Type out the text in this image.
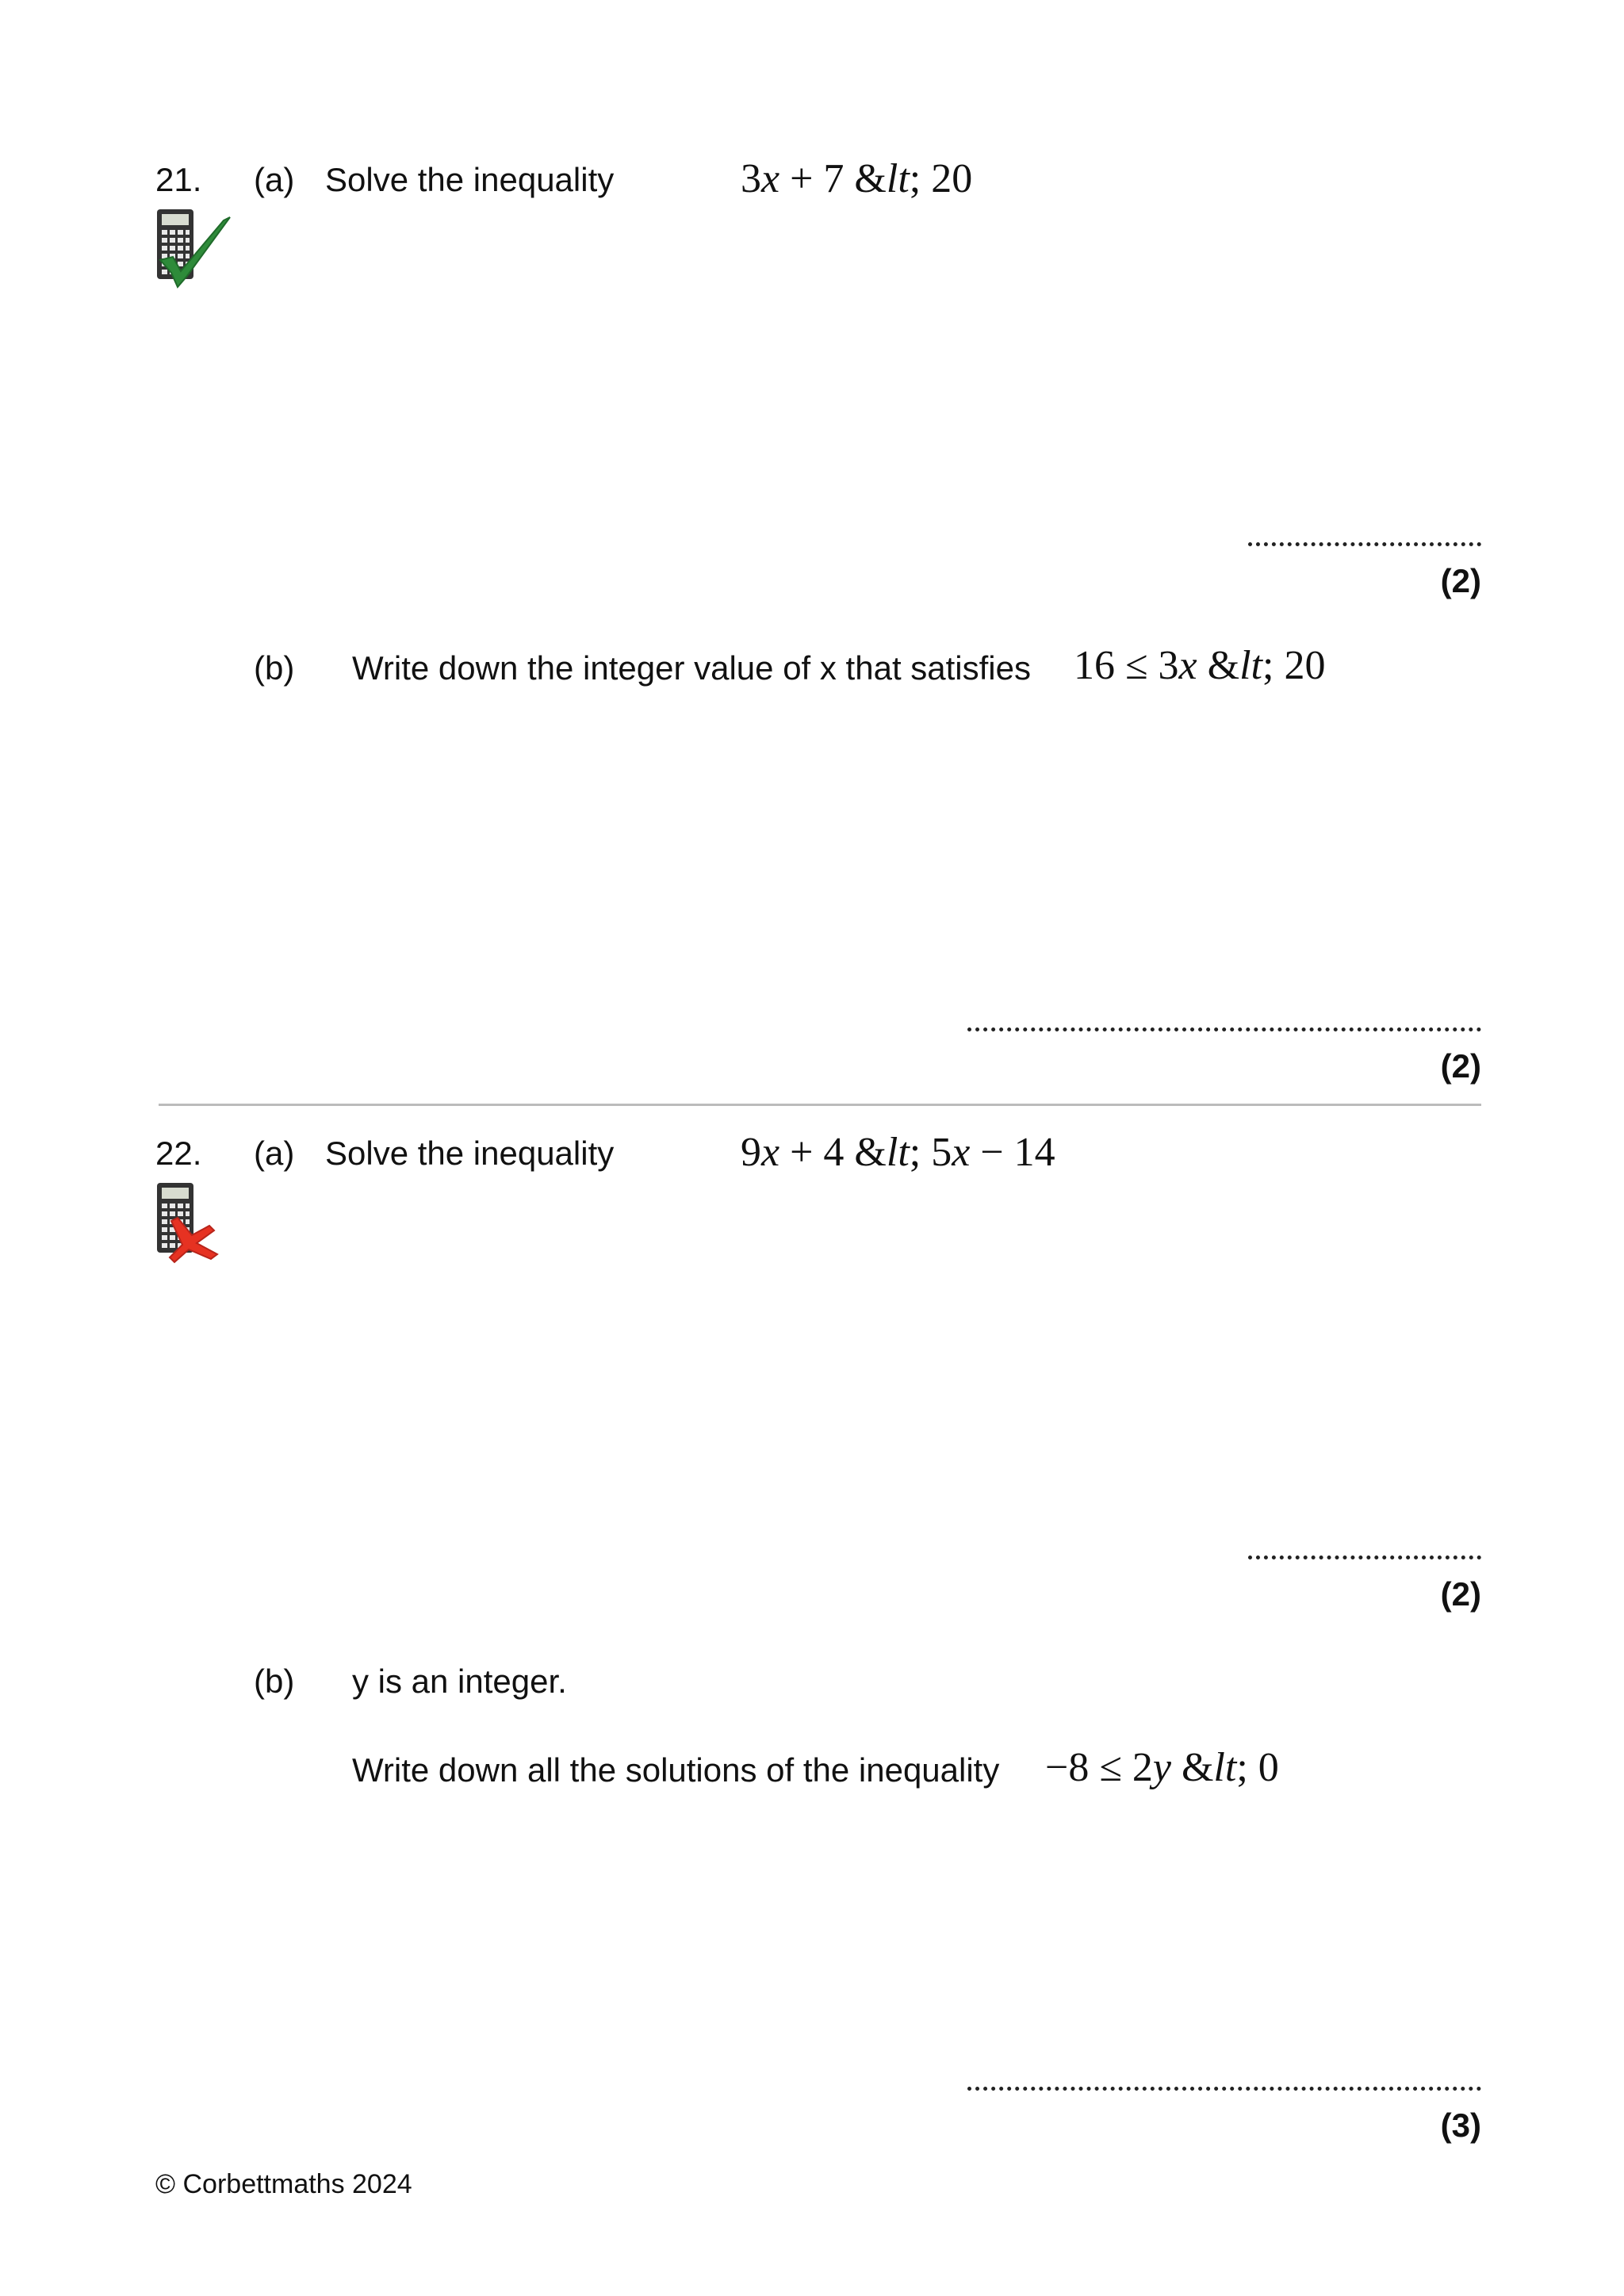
21. (a) Solve the inequality	3x + 7 &lt; 20
(2)
(b) Write down the integer value of x that satisfies 16 ≤ 3x &lt; 20
(2)
22. (a) Solve the inequality	9x + 4 &lt; 5x − 14
(2)
(b) y is an integer.
Write down all the solutions of the inequality −8 ≤ 2y &lt; 0
(3)
© Corbettmaths 2024
